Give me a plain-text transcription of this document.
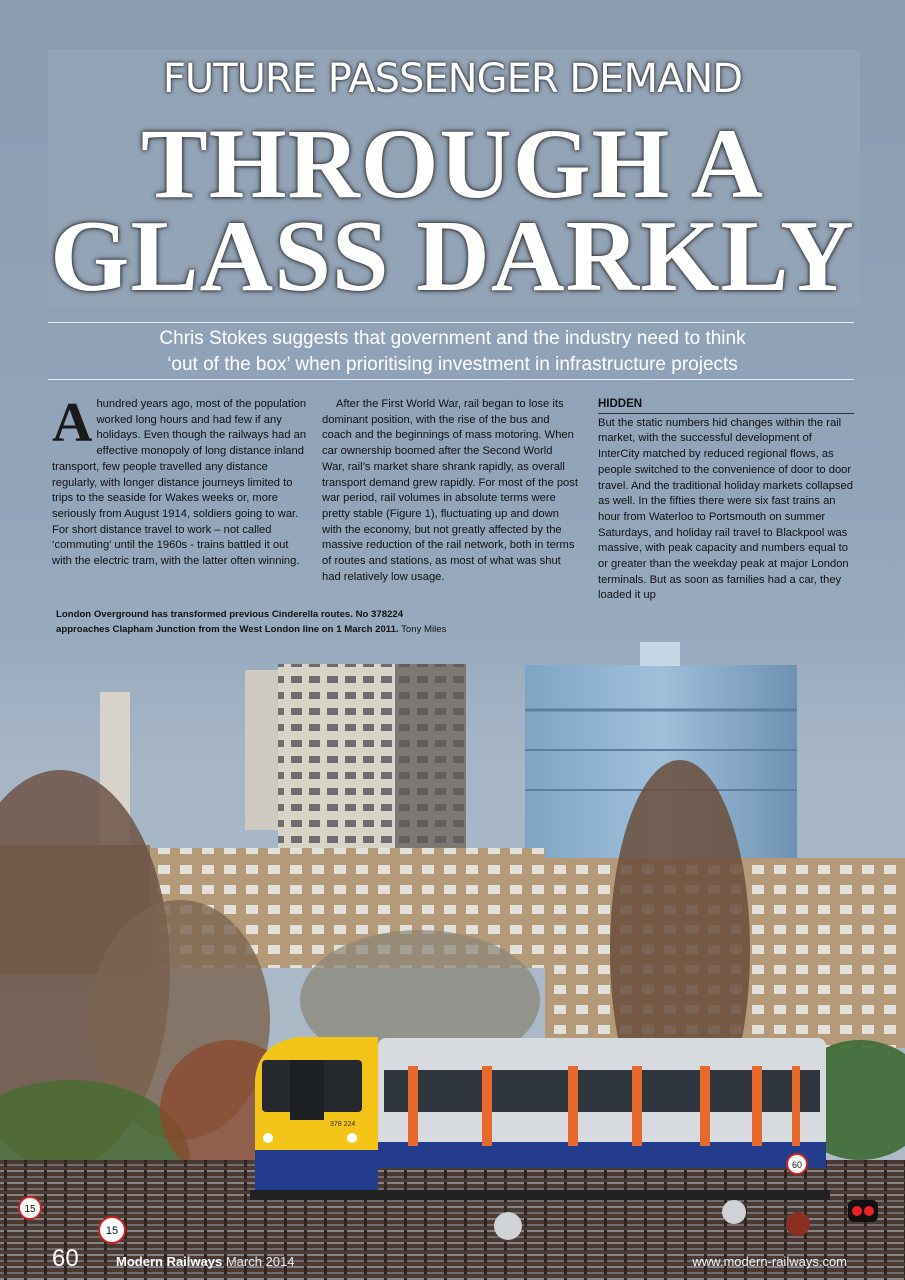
FUTURE PASSENGER DEMAND
THROUGH A
GLASS DARKLY
Chris Stokes suggests that government and the industry need to think
‘out of the box’ when prioritising investment in infrastructure projects
A hundred years ago, most of the population worked long hours and had few if any holidays. Even though the railways had an effective monopoly of long distance inland transport, few people travelled any distance regularly, with longer distance journeys limited to trips to the seaside for Wakes weeks or, more seriously from August 1914, soldiers going to war. For short distance travel to work – not called ‘commuting’ until the 1960s - trains battled it out with the electric tram, with the latter often winning.

After the First World War, rail began to lose its dominant position, with the rise of the bus and coach and the beginnings of mass motoring. When car ownership boomed after the Second World War, rail’s market share shrank rapidly, as overall transport demand grew rapidly. For most of the post war period, rail volumes in absolute terms were pretty stable (Figure 1), fluctuating up and down with the economy, but not greatly affected by the massive reduction of the rail network, both in terms of routes and stations, as most of what was shut had relatively low usage.

HIDDEN

But the static numbers hid changes within the rail market, with the successful development of InterCity matched by reduced regional flows, as people switched to the convenience of door to door travel. And the traditional holiday markets collapsed as well. In the fifties there were six fast trains an hour from Waterloo to Portsmouth on summer Saturdays, and holiday rail travel to Blackpool was massive, with peak capacity and numbers equal to or greater than the weekday peak at major London terminals. But as soon as families had a car, they loaded it up

London Overground has transformed previous Cinderella routes. No 378224
approaches Clapham Junction from the West London line on 1 March 2011. Tony Miles
378 224
15
15
60
60	Modern Railways March 2014	www.modern-railways.com
